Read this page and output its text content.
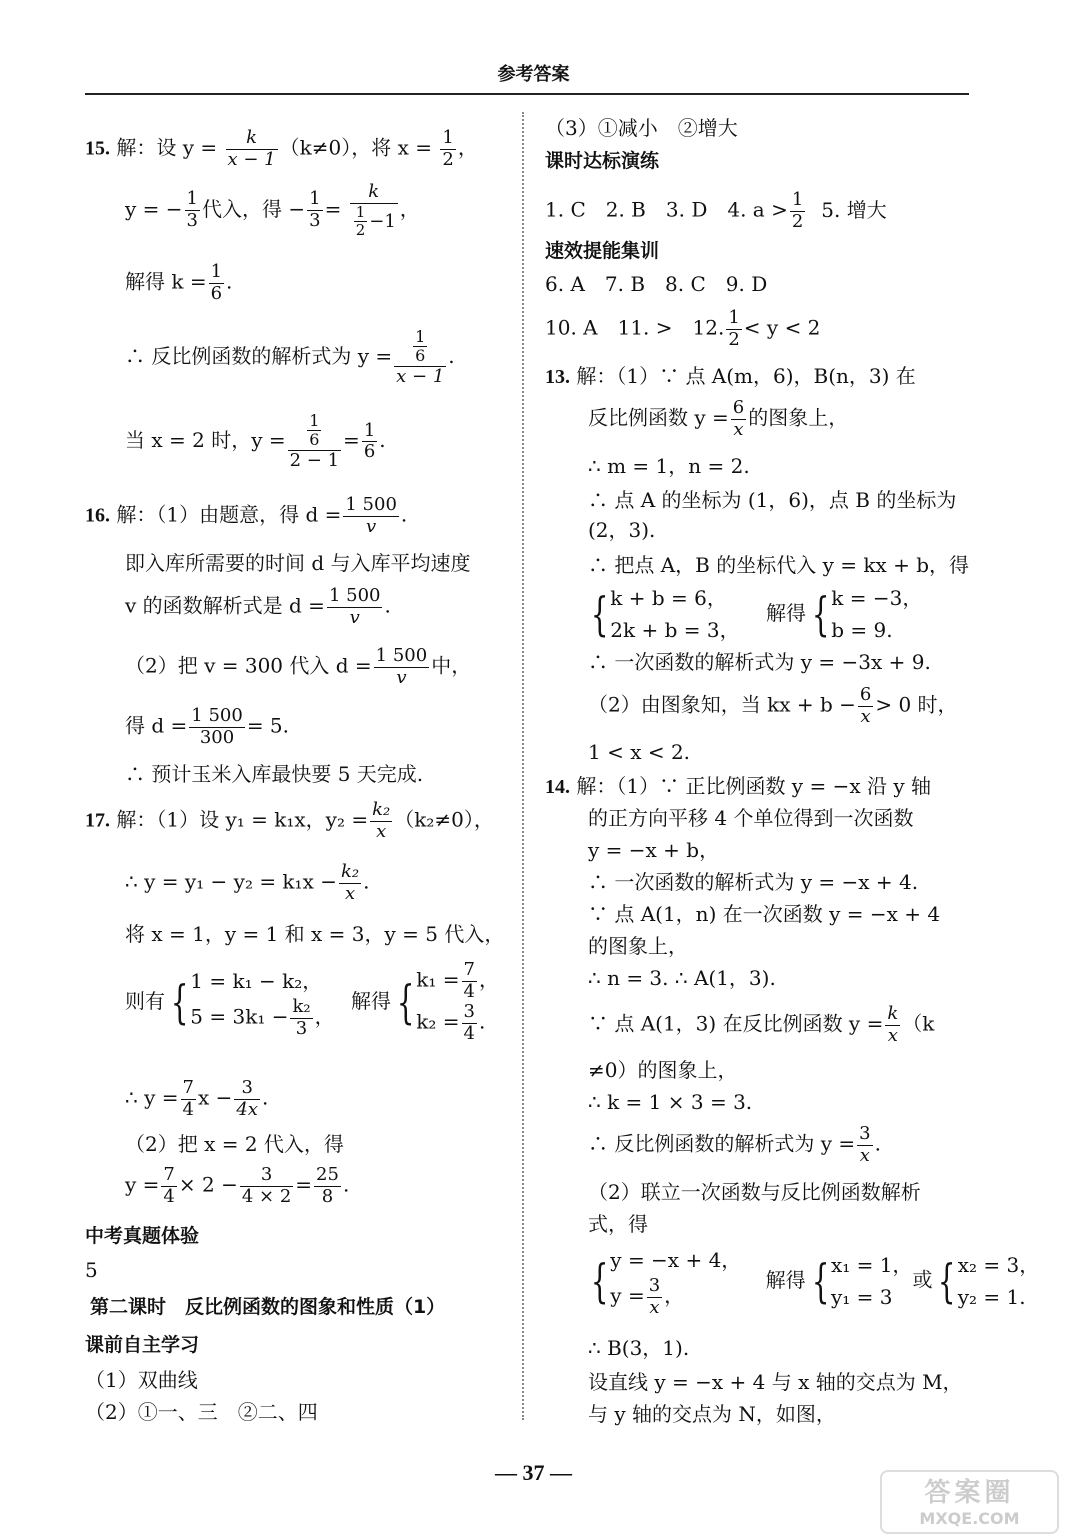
参考答案
15. 解：设 $y = \frac{k}{x - 1} (k\ne 0)$，将 $x = \frac{1}{2}$ ，
y = − $\frac{1}{3}$ 代入，得 − $\frac{1}{3} = \frac{k}{\frac{1}{2} -1}$ ，
解得 $k = \frac{1}{6}$ .
∴ 反比例函数的解析式为 $y = \frac{\frac{1}{6}}{x - 1}$ .
当 x = 2 时，$y = \frac{\frac{1}{6}}{2 - 1} = \frac{1}{6}$ .
16. 解：（1）由题意，得 $d = \frac{1 500}{v}$ .
即入库所需要的时间 d 与入库平均速度
v 的函数解析式是 $d = \frac{1 500}{v}$ .
（2）把 v = 300 代入 $d = \frac{1 500}{v}$ 中，
得 $d = \frac{1 500}{300} = 5$.
∴ 预计玉米入库最快要 5 天完成.
17. 解：（1）设 y₁ = k₁x，$y_2 = \frac{\text{k₂}}{x} (k_2\ne 0)$，
∴ $y = y_1 - y_2 = k_1x - \frac{\text{k₂}}{x}$ .
将 x = 1，y = 1 和 x = 3，y = 5 代入，
则有 { 1 = k₁ − k₂，
$5 = 3k_1 - \frac{\text{k₂}}{3}$ ，
解得 { $k_1 = \frac{7}{4}$ ，
$k_2 = \frac{3}{4}$ .
∴ $y = \frac{7}{4}$ $x - \frac{3}{4x}$ .
（2）把 x = 2 代入，得
$y = \frac{7}{4} \times 2 - \frac{3}{4 \times 2} = \frac{25}{8}$ .
中考真题体验
5
第二课时　反比例函数的图象和性质（1）
课前自主学习
（1）双曲线
（2）①一、三　②二、四
（3）①减小　②增大
课时达标演练
1. C　2. B　3. D　4. $a > \frac{1}{2} 5$. 增大
速效提能集训
6. A　7. B　8. C　9. D
10. A　11. >　12. $\frac{1}{2} < y < 2$
13. 解：（1）∵ 点 A(m，6)，B(n，3) 在
反比例函数 $y = \frac{6}{x}$ 的图象上，
∴ m = 1，n = 2.
∴ 点 A 的坐标为 (1，6)，点 B 的坐标为
(2，3).
∴ 把点 A，B 的坐标代入 y = kx + b，得
{ k + b = 6，
2k + b = 3，
解得 { k = −3，
b = 9.
∴ 一次函数的解析式为 y = −3x + 9.
（2）由图象知，当 kx + $b - \frac{6}{x} > 0$ 时，
1 < x < 2.
14. 解：（1）∵ 正比例函数 y = −x 沿 y 轴
的正方向平移 4 个单位得到一次函数
y = −x + b，
∴ 一次函数的解析式为 y = −x + 4.
∵ 点 A(1，n) 在一次函数 y = −x + 4
的图象上，
∴ n = 3. ∴ A(1，3).
∵ 点 A(1，3) 在反比例函数 $y = \frac{k}{x} (k$
≠0）的图象上，
∴ k = 1 × 3 = 3.
∴ 反比例函数的解析式为 $y = \frac{3}{x}$ .
（2）联立一次函数与反比例函数解析
式，得
{ y = −x + 4，
$y = \frac{3}{x}$ ，
解得 { x₁ = 1，
y₁ = 3
或 { x₂ = 3，
y₂ = 1.
∴ B(3，1).
设直线 y = −x + 4 与 x 轴的交点为 M，
与 y 轴的交点为 N，如图，
— 37 —
答案圈
MXQE.COM
